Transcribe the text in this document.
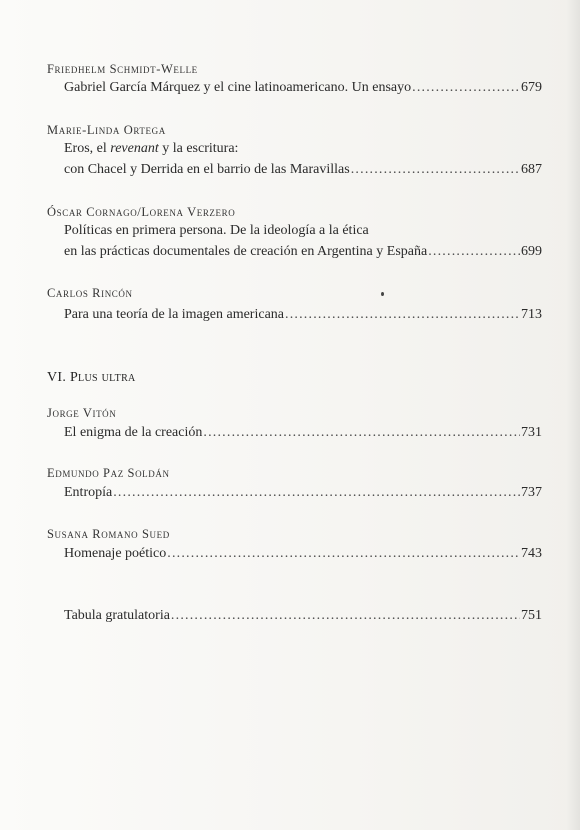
Friedhelm Schmidt-Welle
Gabriel García Márquez y el cine latinoamericano. Un ensayo .....	679
Marie-Linda Ortega
Eros, el revenant y la escritura:
con Chacel y Derrida en el barrio de las Maravillas .....	687
Óscar Cornago/Lorena Verzero
Políticas en primera persona. De la ideología a la ética
en las prácticas documentales de creación en Argentina y España .....	699
Carlos Rincón
Para una teoría de la imagen americana .....	713
VI. Plus ultra
Jorge Vitón
El enigma de la creación .....	731
Edmundo Paz Soldán
Entropía .....	737
Susana Romano Sued
Homenaje poético .....	743
Tabula gratulatoria .....	751
